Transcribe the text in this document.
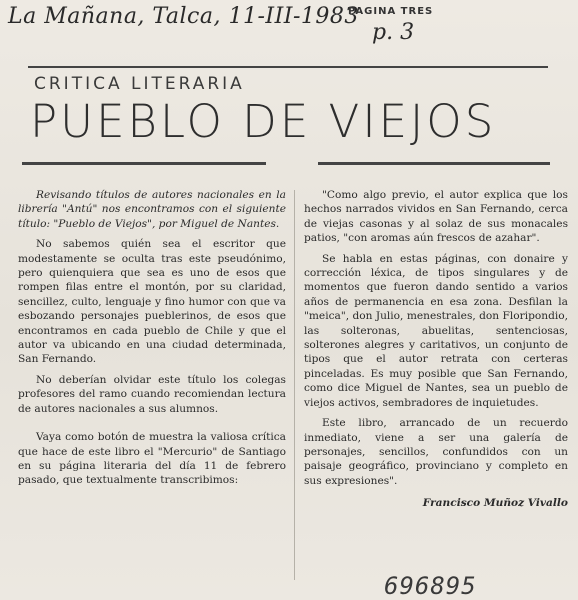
La Mañana, Talca, 11-III-1983
PAGINA TRES
p. 3
CRITICA LITERARIA
PUEBLO DE VIEJOS

Revisando títulos de autores nacionales en la librería "Antú" nos encontramos con el siguiente título: "Pueblo de Viejos", por Miguel de Nantes.

No sabemos quién sea el escritor que modestamente se oculta tras este pseudónimo, pero quienquiera que sea es uno de esos que rompen filas entre el montón, por su claridad, sencillez, culto, lenguaje y fino humor con que va esbozando personajes pueblerinos, de esos que encontramos en cada pueblo de Chile y que el autor va ubicando en una ciudad determinada, San Fernando.

No deberían olvidar este título los colegas profesores del ramo cuando recomiendan lectura de autores nacionales a sus alumnos.

Vaya como botón de muestra la valiosa crítica que hace de este libro el "Mercurio" de Santiago en su página literaria del día 11 de febrero pasado, que textualmente transcribimos:

"Como algo previo, el autor explica que los hechos narrados vividos en San Fernando, cerca de viejas casonas y al solaz de sus monacales patios, "con aromas aún frescos de azahar".

Se habla en estas páginas, con donaire y corrección léxica, de tipos singulares y de momentos que fueron dando sentido a varios años de permanencia en esa zona. Desfilan la "meica", don Julio, menestrales, don Floripondio, las solteronas, abuelitas, sentenciosas, solterones alegres y caritativos, un conjunto de tipos que el autor retrata con certeras pinceladas. Es muy posible que San Fernando, como dice Miguel de Nantes, sea un pueblo de viejos activos, sembradores de inquietudes.

Este libro, arrancado de un recuerdo inmediato, viene a ser una galería de personajes, sencillos, confundidos con un paisaje geográfico, provinciano y completo en sus expresiones".

Francisco Muñoz Vivallo

696895
